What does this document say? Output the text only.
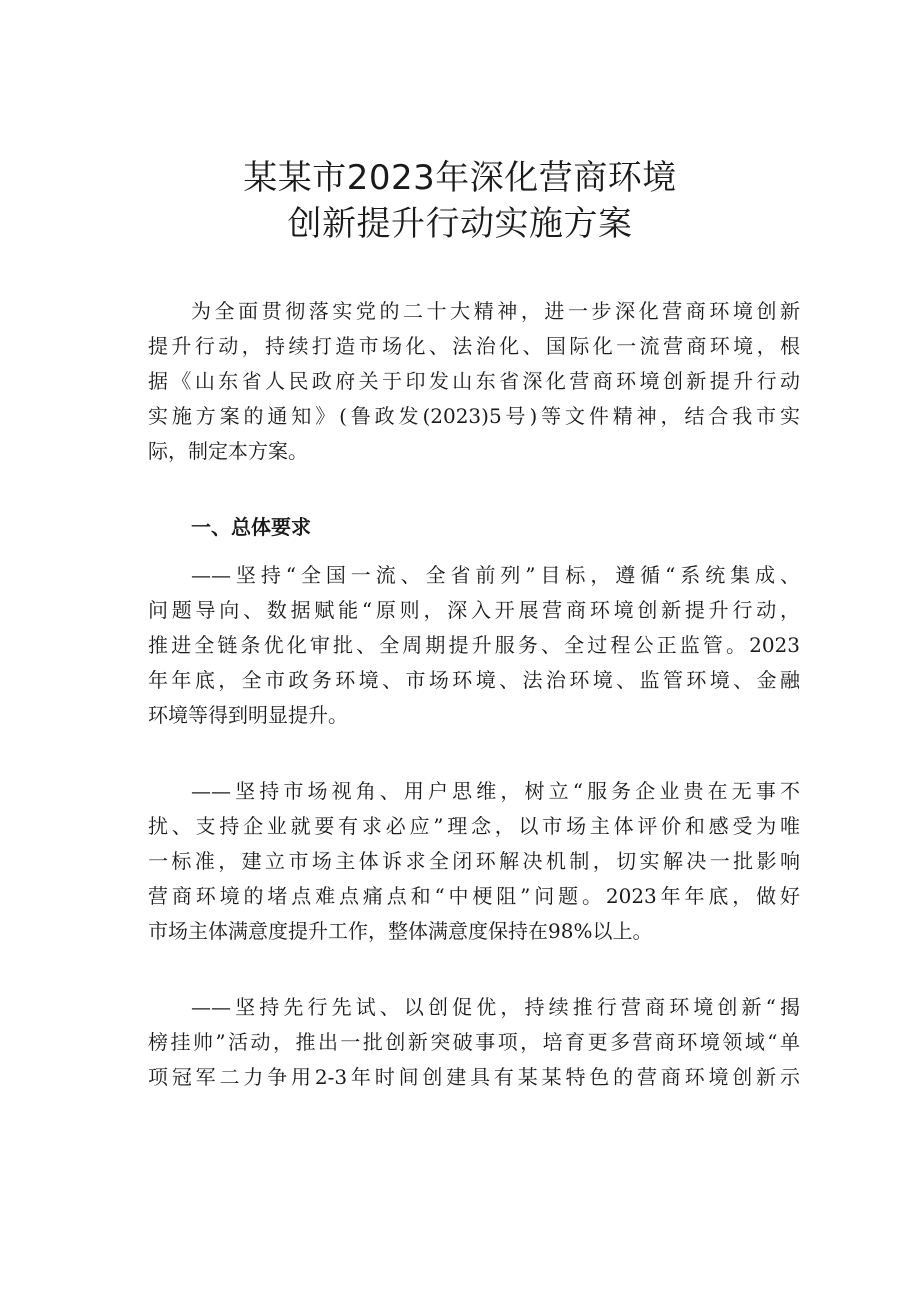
某某市2023年深化营商环境
创新提升行动实施方案
为全面贯彻落实党的二十大精神，进一步深化营商环境创新
提升行动，持续打造市场化、法治化、国际化一流营商环境，根
据《山东省人民政府关于印发山东省深化营商环境创新提升行动
实施方案的通知》(鲁政发(2023)5号)等文件精神，结合我市实
际，制定本方案。
一、总体要求
——坚持“全国一流、全省前列”目标，遵循“系统集成、
问题导向、数据赋能“原则，深入开展营商环境创新提升行动，
推进全链条优化审批、全周期提升服务、全过程公正监管。2023
年年底，全市政务环境、市场环境、法治环境、监管环境、金融
环境等得到明显提升。
——坚持市场视角、用户思维，树立“服务企业贵在无事不
扰、支持企业就要有求必应”理念，以市场主体评价和感受为唯
一标准，建立市场主体诉求全闭环解决机制，切实解决一批影响
营商环境的堵点难点痛点和“中梗阻”问题。2023年年底，做好
市场主体满意度提升工作，整体满意度保持在98%以上。
——坚持先行先试、以创促优，持续推行营商环境创新“揭
榜挂帅”活动，推出一批创新突破事项，培育更多营商环境领域“单
项冠军二力争用2-3年时间创建具有某某特色的营商环境创新示
